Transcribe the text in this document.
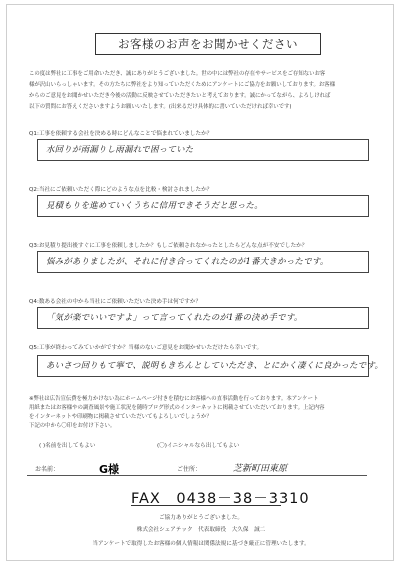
お客様のお声をお聞かせください

この度は弊社に工事をご用命いただき、誠にありがとうございました。世の中には弊社の存在やサービスをご存知ないお客

様が沢山いらっしゃいます。その方たちに弊社をより知っていただくためにアンケートにご協力をお願いしております。お客様

からのご意見をお聞かせいただき今後の活動に反映させていただきたいと考えております。誠にかってながら、よろしければ

以下の質問にお答えくださいますようお願いいたします。(出来るだけ具体的に書いていただければ幸いです)

Q1:工事を依頼する会社を決める時にどんなことで悩まれていましたか？
水回りが雨漏りし雨漏れで困っていた
Q2:当社にご依頼いただく際にどのような点を比較・検討されましたか？
見積もりを進めていくうちに信用できそうだと思った。
Q3:お見積り提出後すぐに工事を依頼しましたか？もしご依頼されなかったとしたらどんな点が不安でしたか？
悩みがありましたが、それに付き合ってくれたのが1番大きかったです。
Q4:数ある会社の中から当社にご依頼いただいた決め手は何ですか？
「気が楽でいいですよ」って言ってくれたのが1番の決め手です。
Q5:工事が終わってみていかがですか？当様のないご意見をお聞かせいただけたら幸いです。
あいさつ回りもて寧で、説明もきちんとしていただき、とにかく凄くに良かったです。

※弊社は広告宣伝費を極力かけない為にホームページ付きを積むにお客様への直事活動を行っております。本アンケート

用紙またはお客様やの調査風景や施工状況を随時ブログ形式のインターネットに掲載させていただいております。上記内容

をインターネットや印刷物に掲載させていただいてもよろしいでしょうか？

下記の中から〇印をお付け下さい。

( )名前を出してもよい	(〇)イニシャルなら出してもよい
お名前：	G様	ご住所：	芝新町田東原
FAX　0438－38－3310
ご協力ありがとうございました。
株式会社シェアテック　代表取締役　大久保　誠二
当アンケートで取得したお客様の個人情報は関係法規に基づき厳正に管理いたします。
